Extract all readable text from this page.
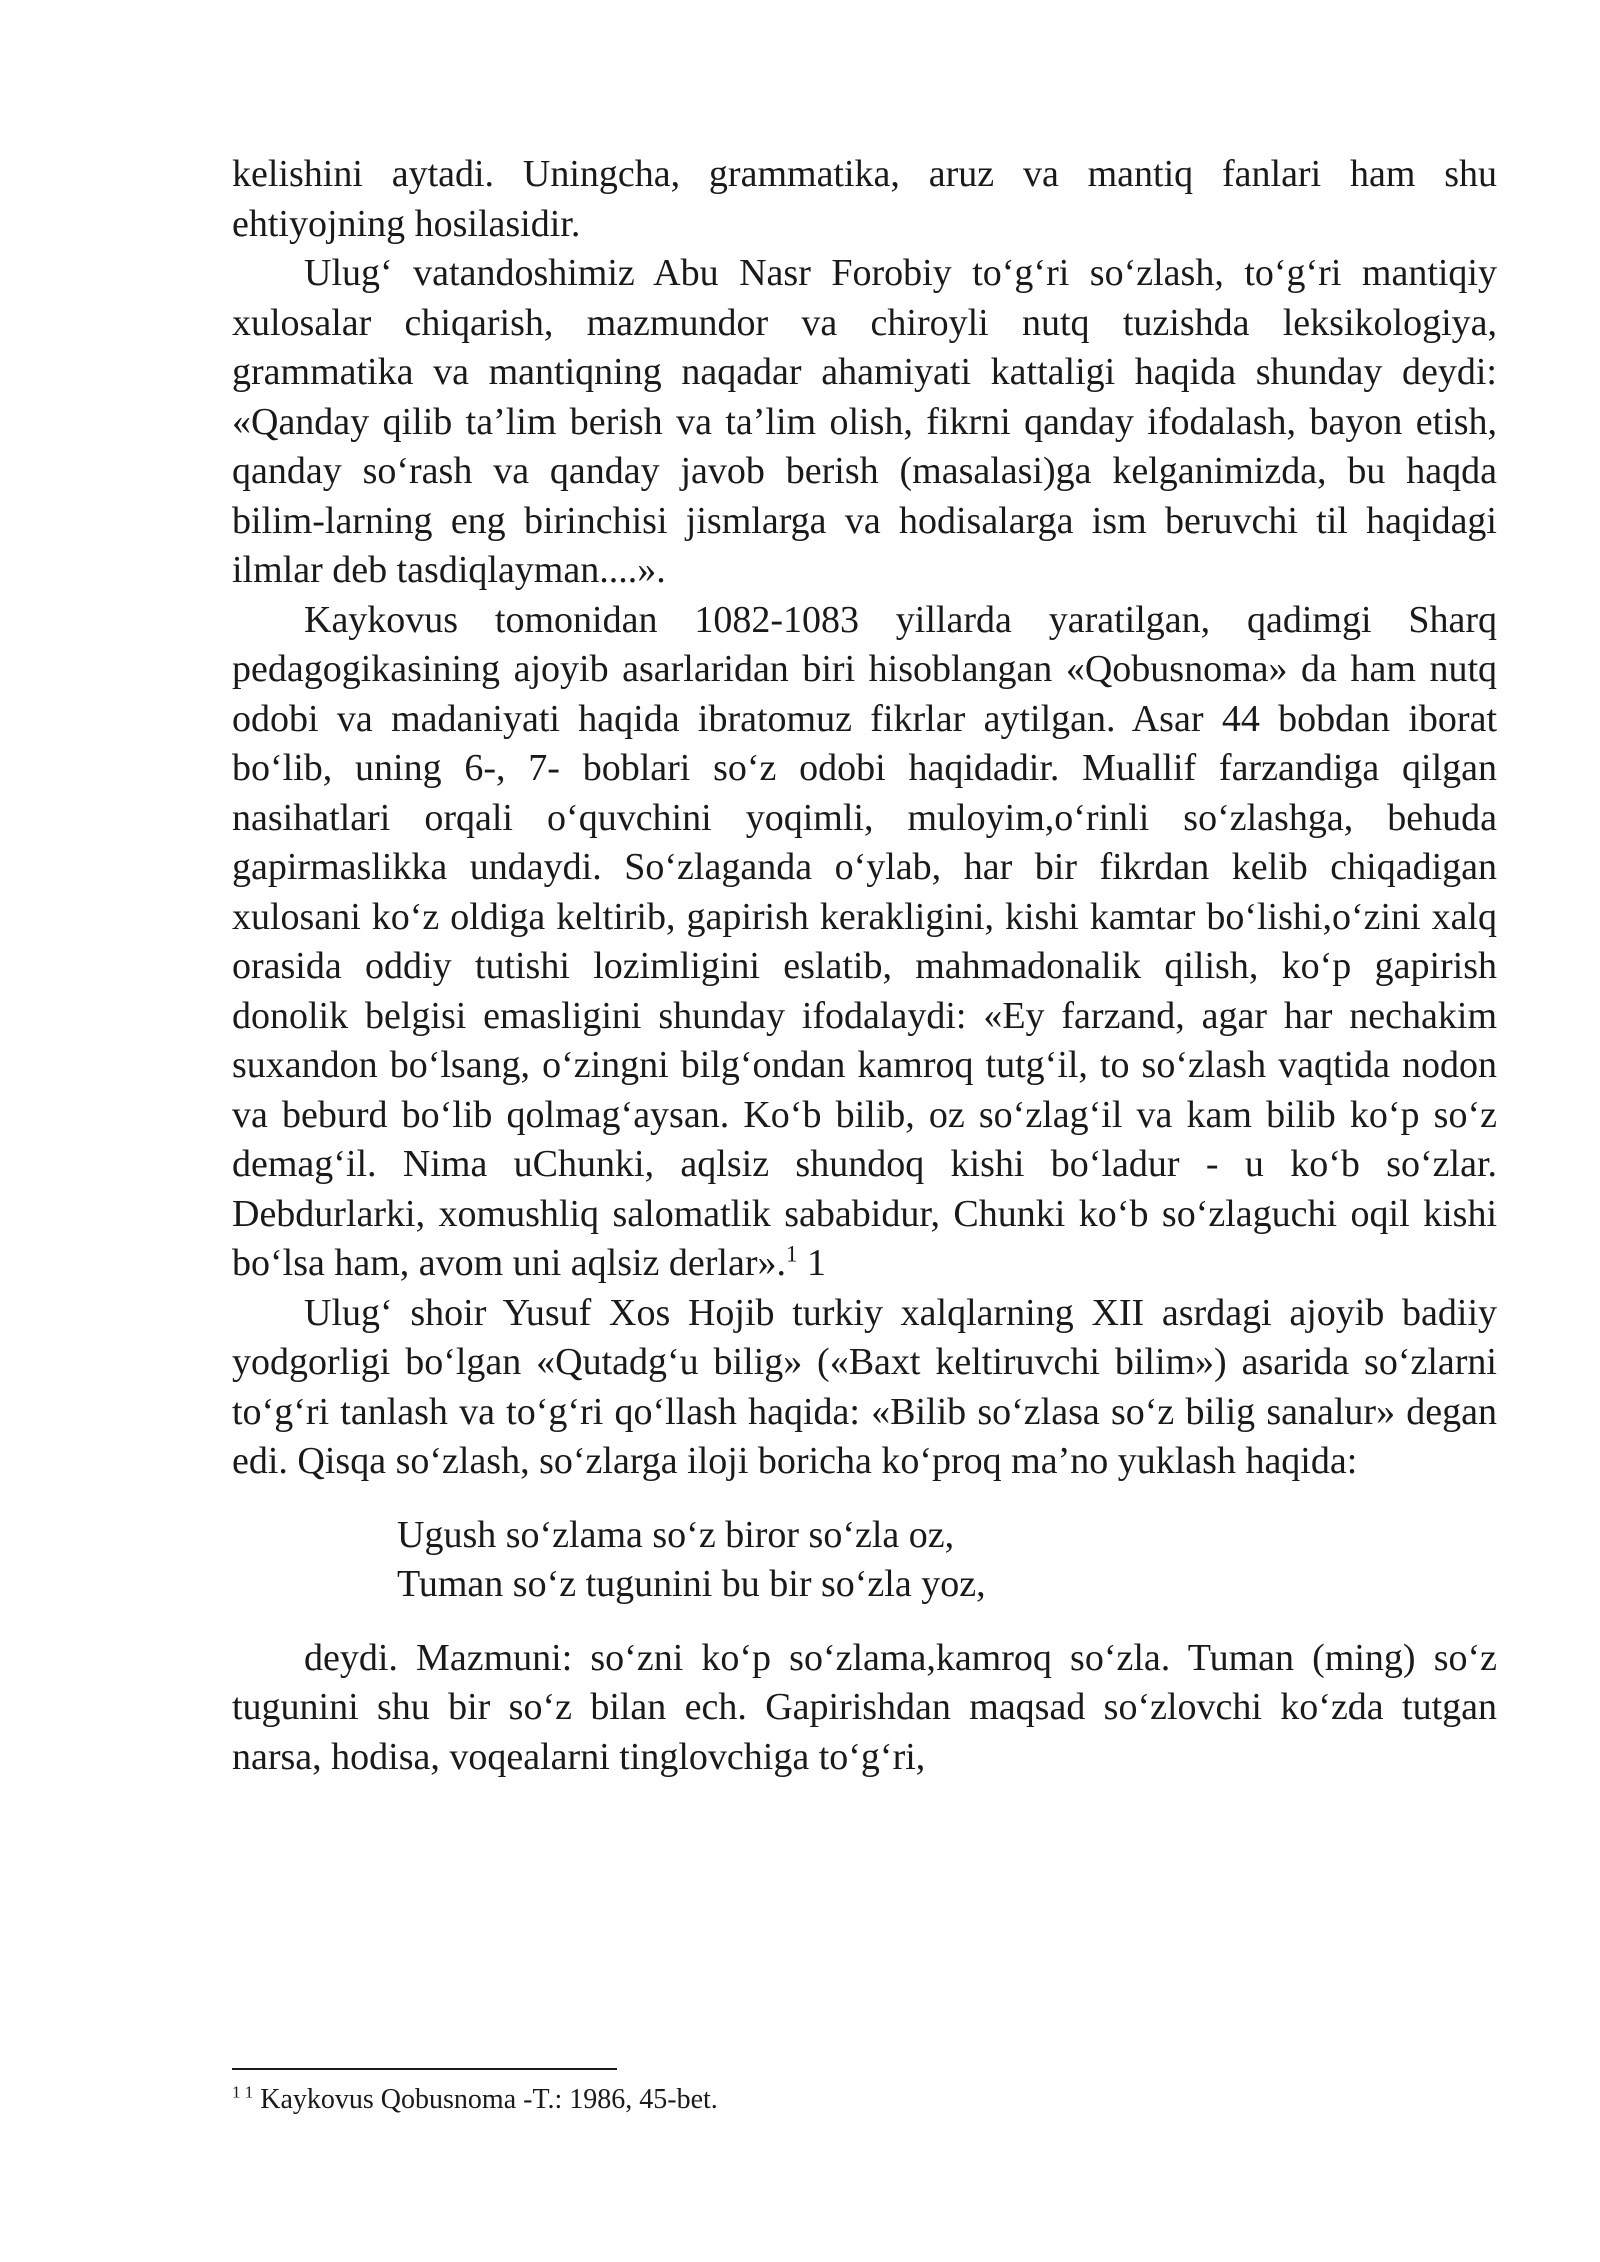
kelishini aytadi. Uningcha, grammatika, aruz va mantiq fanlari ham shu ehtiyojning hosilasidir.

Ulug‘ vatandoshimiz Abu Nasr Forobiy to‘g‘ri so‘zlash, to‘g‘ri mantiqiy xulosalar chiqarish, mazmundor va chiroyli nutq tuzishda leksikologiya, grammatika va mantiqning naqadar ahamiyati kattaligi haqida shunday deydi: «Qanday qilib ta’lim berish va ta’lim olish, fikrni qanday ifodalash, bayon etish, qanday so‘rash va qanday javob berish (masalasi)ga kelganimizda, bu haqda bilim-larning eng birinchisi jismlarga va hodisalarga ism beruvchi til haqidagi ilmlar deb tasdiqlayman....».

Kaykovus tomonidan 1082-1083 yillarda yaratilgan, qadimgi Sharq pedagogikasining ajoyib asarlaridan biri hisoblangan «Qobusnoma» da ham nutq odobi va madaniyati haqida ibratomuz fikrlar aytilgan. Asar 44 bobdan iborat bo‘lib, uning 6-, 7- boblari so‘z odobi haqidadir. Muallif farzandiga qilgan nasihatlari orqali o‘quvchini yoqimli, muloyim,o‘rinli so‘zlashga, behuda gapirmaslikka undaydi. So‘zlaganda o‘ylab, har bir fikrdan kelib chiqadigan xulosani ko‘z oldiga keltirib, gapirish kerakligini, kishi kamtar bo‘lishi,o‘zini xalq orasida oddiy tutishi lozimligini eslatib, mahmadonalik qilish, ko‘p gapirish donolik belgisi emasligini shunday ifodalaydi: «Ey farzand, agar har nechakim suxandon bo‘lsang, o‘zingni bilg‘ondan kamroq tutg‘il, to so‘zlash vaqtida nodon va beburd bo‘lib qolmag‘aysan. Ko‘b bilib, oz so‘zlag‘il va kam bilib ko‘p so‘z demag‘il. Nima uChunki, aqlsiz shundoq kishi bo‘ladur - u ko‘b so‘zlar. Debdurlarki, xomushliq salomatlik sababidur, Chunki ko‘b so‘zlaguchi oqil kishi bo‘lsa ham, avom uni aqlsiz derlar».$^1$ 1

Ulug‘ shoir Yusuf Xos Hojib turkiy xalqlarning XII asrdagi ajoyib badiiy yodgorligi bo‘lgan «Qutadg‘u bilig» («Baxt keltiruvchi bilim») asarida so‘zlarni to‘g‘ri tanlash va to‘g‘ri qo‘llash haqida: «Bilib so‘zlasa so‘z bilig sanalur» degan edi. Qisqa so‘zlash, so‘zlarga iloji boricha ko‘proq ma’no yuklash haqida:

Ugush so‘zlama so‘z biror so‘zla oz,
Tuman so‘z tugunini bu bir so‘zla yoz,

deydi. Mazmuni: so‘zni ko‘p so‘zlama,kamroq so‘zla. Tuman (ming) so‘z tugunini shu bir so‘z bilan ech. Gapirishdan maqsad so‘zlovchi ko‘zda tutgan narsa, hodisa, voqealarni tinglovchiga to‘g‘ri,

$^{1 1}$ Kaykovus Qobusnoma -T.: 1986, 45-bet.
